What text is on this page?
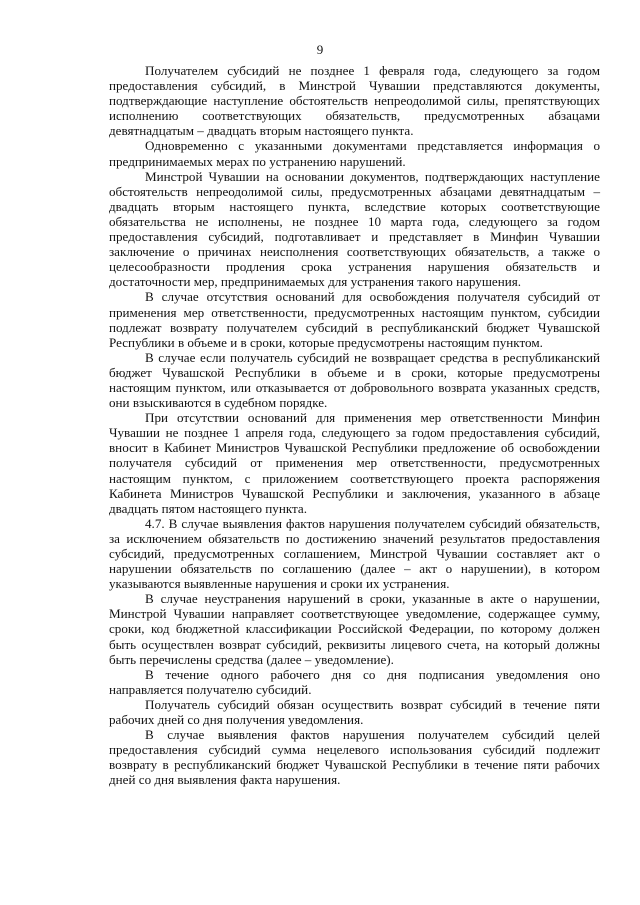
9

Получателем субсидий не позднее 1 февраля года, следующего за годом предоставления субсидий, в Минстрой Чувашии представляются документы, подтверждающие наступление обстоятельств непреодолимой силы, препятствующих исполнению соответствующих обязательств, предусмотренных абзацами девятнадцатым – двадцать вторым настоящего пункта.

Одновременно с указанными документами представляется информация о предпринимаемых мерах по устранению нарушений.

Минстрой Чувашии на основании документов, подтверждающих наступление обстоятельств непреодолимой силы, предусмотренных абзацами девятнадцатым – двадцать вторым настоящего пункта, вследствие которых соответствующие обязательства не исполнены, не позднее 10 марта года, следующего за годом предоставления субсидий, подготавливает и представляет в Минфин Чувашии заключение о причинах неисполнения соответствующих обязательств, а также о целесообразности продления срока устранения нарушения обязательств и достаточности мер, предпринимаемых для устранения такого нарушения.

В случае отсутствия оснований для освобождения получателя субсидий от применения мер ответственности, предусмотренных настоящим пунктом, субсидии подлежат возврату получателем субсидий в республиканский бюджет Чувашской Республики в объеме и в сроки, которые предусмотрены настоящим пунктом.

В случае если получатель субсидий не возвращает средства в республиканский бюджет Чувашской Республики в объеме и в сроки, которые предусмотрены настоящим пунктом, или отказывается от добровольного возврата указанных средств, они взыскиваются в судебном порядке.

При отсутствии оснований для применения мер ответственности Минфин Чувашии не позднее 1 апреля года, следующего за годом предоставления субсидий, вносит в Кабинет Министров Чувашской Республики предложение об освобождении получателя субсидий от применения мер ответственности, предусмотренных настоящим пунктом, с приложением соответствующего проекта распоряжения Кабинета Министров Чувашской Республики и заключения, указанного в абзаце двадцать пятом настоящего пункта.

4.7. В случае выявления фактов нарушения получателем субсидий обязательств, за исключением обязательств по достижению значений результатов предоставления субсидий, предусмотренных соглашением, Минстрой Чувашии составляет акт о нарушении обязательств по соглашению (далее – акт о нарушении), в котором указываются выявленные нарушения и сроки их устранения.

В случае неустранения нарушений в сроки, указанные в акте о нарушении, Минстрой Чувашии направляет соответствующее уведомление, содержащее сумму, сроки, код бюджетной классификации Российской Федерации, по которому должен быть осуществлен возврат субсидий, реквизиты лицевого счета, на который должны быть перечислены средства (далее – уведомление).

В течение одного рабочего дня со дня подписания уведомления оно направляется получателю субсидий.

Получатель субсидий обязан осуществить возврат субсидий в течение пяти рабочих дней со дня получения уведомления.

В случае выявления фактов нарушения получателем субсидий целей предоставления субсидий сумма нецелевого использования субсидий подлежит возврату в республиканский бюджет Чувашской Республики в течение пяти рабочих дней со дня выявления факта нарушения.
